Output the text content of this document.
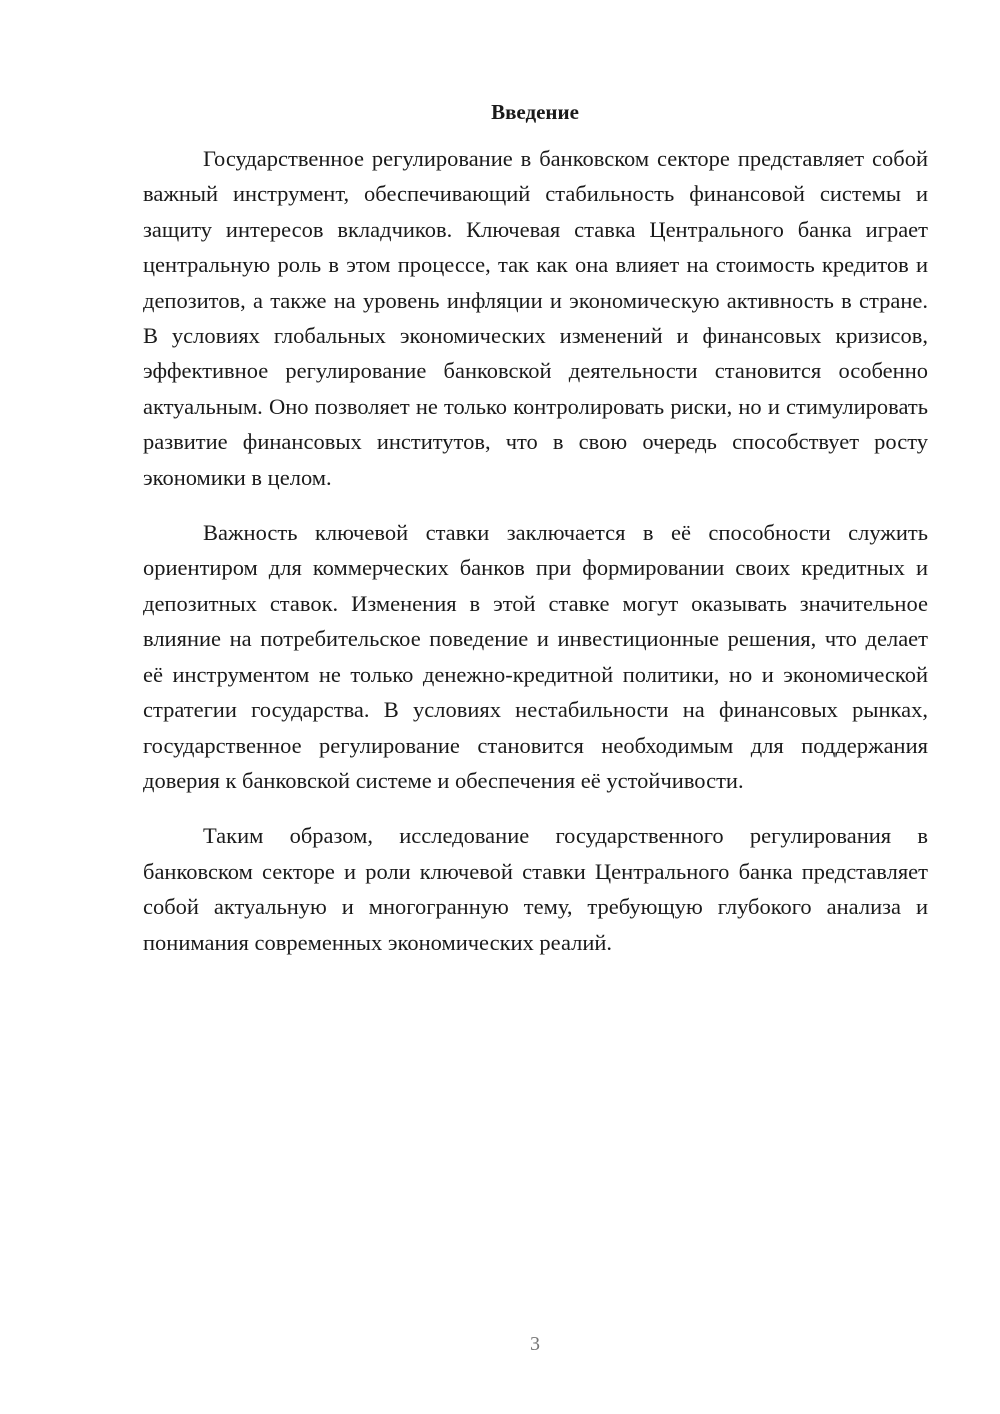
Введение

Государственное регулирование в банковском секторе представляет собой важный инструмент, обеспечивающий стабильность финансовой системы и защиту интересов вкладчиков. Ключевая ставка Центрального банка играет центральную роль в этом процессе, так как она влияет на стоимость кредитов и депозитов, а также на уровень инфляции и экономическую активность в стране. В условиях глобальных экономических изменений и финансовых кризисов, эффективное регулирование банковской деятельности становится особенно актуальным. Оно позволяет не только контролировать риски, но и стимулировать развитие финансовых институтов, что в свою очередь способствует росту экономики в целом.

Важность ключевой ставки заключается в её способности служить ориентиром для коммерческих банков при формировании своих кредитных и депозитных ставок. Изменения в этой ставке могут оказывать значительное влияние на потребительское поведение и инвестиционные решения, что делает её инструментом не только денежно-кредитной политики, но и экономической стратегии государства. В условиях нестабильности на финансовых рынках, государственное регулирование становится необходимым для поддержания доверия к банковской системе и обеспечения её устойчивости.

Таким образом, исследование государственного регулирования в банковском секторе и роли ключевой ставки Центрального банка представляет собой актуальную и многогранную тему, требующую глубокого анализа и понимания современных экономических реалий.

3
